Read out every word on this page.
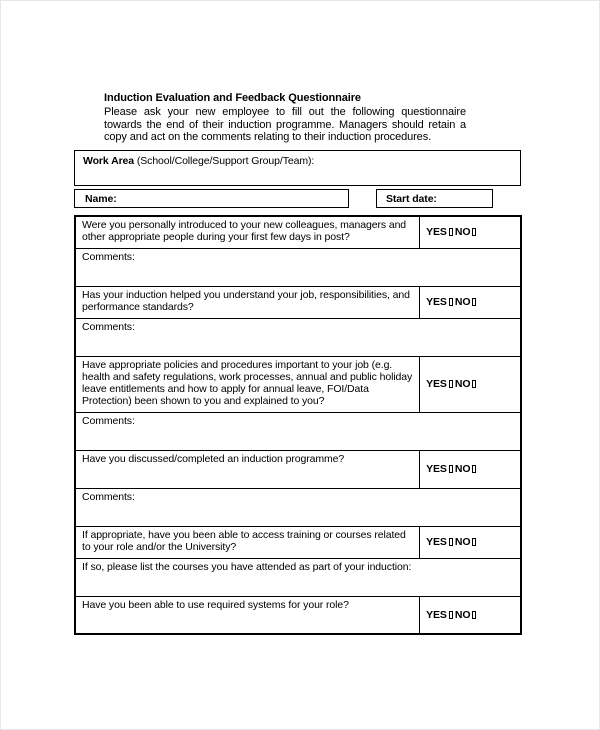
Induction Evaluation and Feedback Questionnaire
Please ask your new employee to fill out the following questionnaire towards the end of their induction programme. Managers should retain a copy and act on the comments relating to their induction procedures.
Work Area (School/College/Support Group/Team):
Name:	Start date:
Were you personally introduced to your new colleagues, managers and other appropriate people during your first few days in post?	YES NO
Comments:	
Has your induction helped you understand your job, responsibilities, and performance standards?	YES NO
Comments:	
Have appropriate policies and procedures important to your job (e.g. health and safety regulations, work processes, annual and public holiday leave entitlements and how to apply for annual leave, FOI/Data Protection) been shown to you and explained to you?	YES NO
Comments:	
Have you discussed/completed an induction programme?	YES NO
Comments:	
If appropriate, have you been able to access training or courses related to your role and/or the University?	YES NO
If so, please list the courses you have attended as part of your induction:	
Have you been able to use required systems for your role?	YES NO
